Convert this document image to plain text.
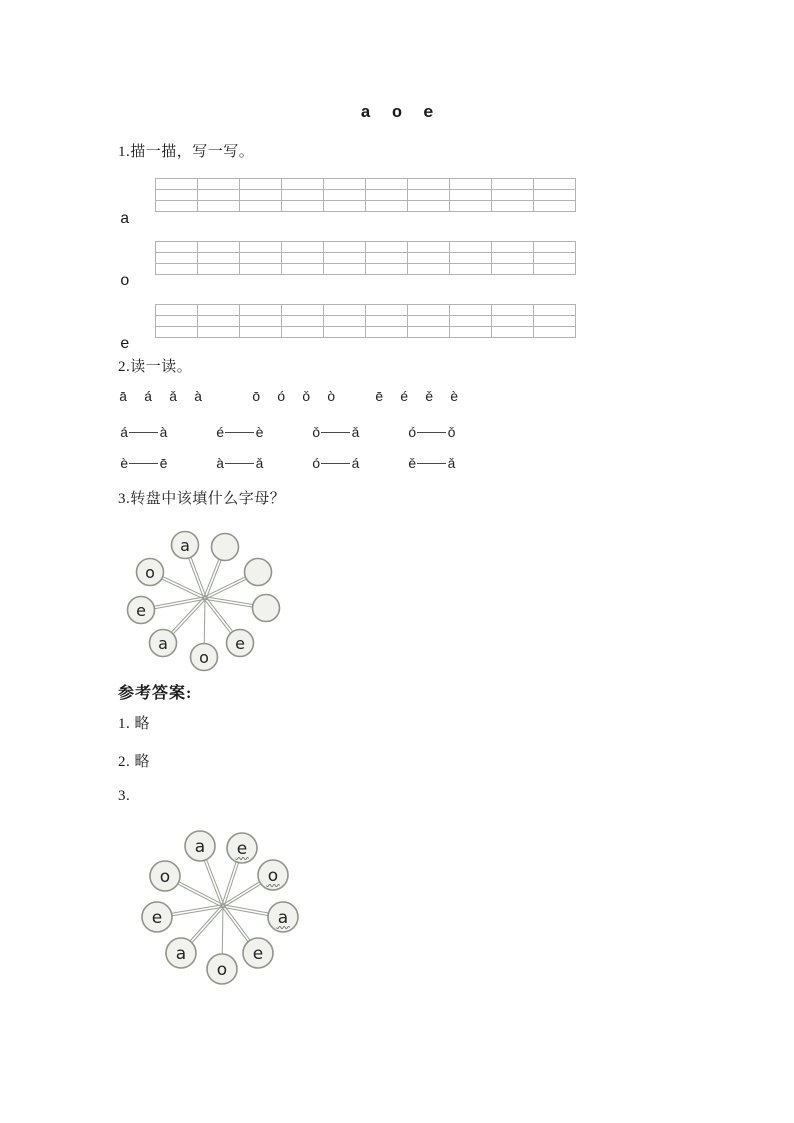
a o e
1.描一描，写一写。
a
o
e
2.读一读。
ā á ǎ à	ō ó ǒ ò	ē é ě è
á à	é è	ǒ ǎ	ó ǒ
è ē	à ǎ	ó á	ě ǎ
3.转盘中该填什么字母？
a
e
o
a
e
o
参考答案:
1. 略
2. 略
3.
a e
o
a
e
o
a
e
o
